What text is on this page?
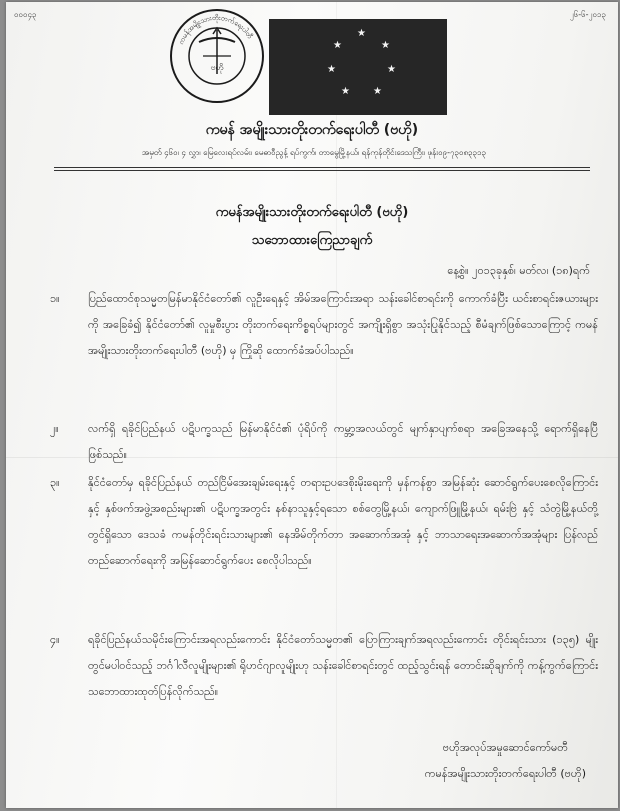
၀၀၀၄၃	၂၆-၆-၂၀၁၃
ကမန်အမျိုးသားတိုးတက်ရေးပါတီ
ဗဟို
★
★	★
★	★
★ ★
ကမန် အမျိုးသားတိုးတက်ရေးပါတီ (ဗဟို)
အမှတ် ၄၆၀၊ ၄ လွှာ၊ မြေလေးရပ်လမ်း၊ မေဓာဝီညွန့် ရပ်ကွက်၊ တာမွေမြို့နယ်၊ ရန်ကုန်တိုင်းဒေသကြီး၊ ဖုန်း၀၉-၇၃၀၈၃၃၁၃
ကမန်အမျိုးသားတိုးတက်ရေးပါတီ (ဗဟို)
သဘောထားကြေညာချက်
နေ့စွဲ။ ၂၀၁၃ခုနှစ်၊ မတ်လ၊ (၁၈)ရက်
၁။	ပြည်ထောင်စုသမ္မတမြန်မာနိုင်ငံတော်၏ လူဦးရေနှင့် အိမ်အကြောင်းအရာ သန်းခေါင်စာရင်းကို ကောက်ခံပြီး ယင်းစာရင်းဇယားများကို အခြေခံ၍ နိုင်ငံတော်၏ လူမှုစီးပွား တိုးတက်ရေးကိစ္စရပ်များတွင် အကျိုးရှိစွာ အသုံးပြုနိုင်သည့် စီမံချက်ဖြစ်သောကြောင့် ကမန်အမျိုးသားတိုးတက်ရေးပါတီ (ဗဟို) မှ ကြိုဆို ထောက်ခံအပ်ပါသည်။
၂။	လက်ရှိ ရခိုင်ပြည်နယ် ပဋိပက္ခသည် မြန်မာနိုင်ငံ၏ ပုံရိပ်ကို ကမ္ဘာ့အလယ်တွင် မျက်နှာပျက်စရာ အခြေအနေသို့ ရောက်ရှိနေပြီဖြစ်သည်။
၃။	နိုင်ငံတော်မှ ရခိုင်ပြည်နယ် တည်ငြိမ်အေးချမ်းရေးနှင့် တရားဥပဒေစိုးမိုးရေးကို မှန်ကန်စွာ အမြန်ဆုံး ဆောင်ရွက်ပေးစေလိုကြောင်းနှင့် နှစ်ဖက်အဖွဲ့အစည်းများ၏ ပဋိပက္ခအတွင်း နစ်နာသူနှင့်ရသော စစ်တွေမြို့နယ်၊ ကျောက်ဖြူမြို့နယ်၊ ရမ်းဗြဲ နှင့် သံတွဲမြို့နယ်တို့တွင်ရှိသော ဒေသခံ ကမန်တိုင်းရင်းသားများ၏ နေအိမ်တိုက်တာ အဆောက်အအုံ နှင့် ဘာသာရေးအဆောက်အအုံများ ပြန်လည်တည်ဆောက်ရေးကို အမြန်ဆောင်ရွက်ပေး စေလိုပါသည်။
၄။	ရခိုင်ပြည်နယ်သမိုင်းကြောင်းအရလည်းကောင်း နိုင်ငံတော်သမ္မတ၏ ပြောကြားချက်အရလည်းကောင်း တိုင်းရင်းသား (၁၃၅) မျိုးတွင်မပါဝင်သည့် ဘင်္ဂါလီလူမျိုးများ၏ ရိုဟင်ဂျာလူမျိုးဟု သန်းခေါင်စာရင်းတွင် ထည့်သွင်းရန် တောင်းဆိုချက်ကို ကန့်ကွက်ကြောင်း သဘောထားထုတ်ပြန်လိုက်သည်။
ဗဟိုအလုပ်အမှုဆောင်ကော်မတီ
ကမန်အမျိုးသားတိုးတက်ရေးပါတီ (ဗဟို)
